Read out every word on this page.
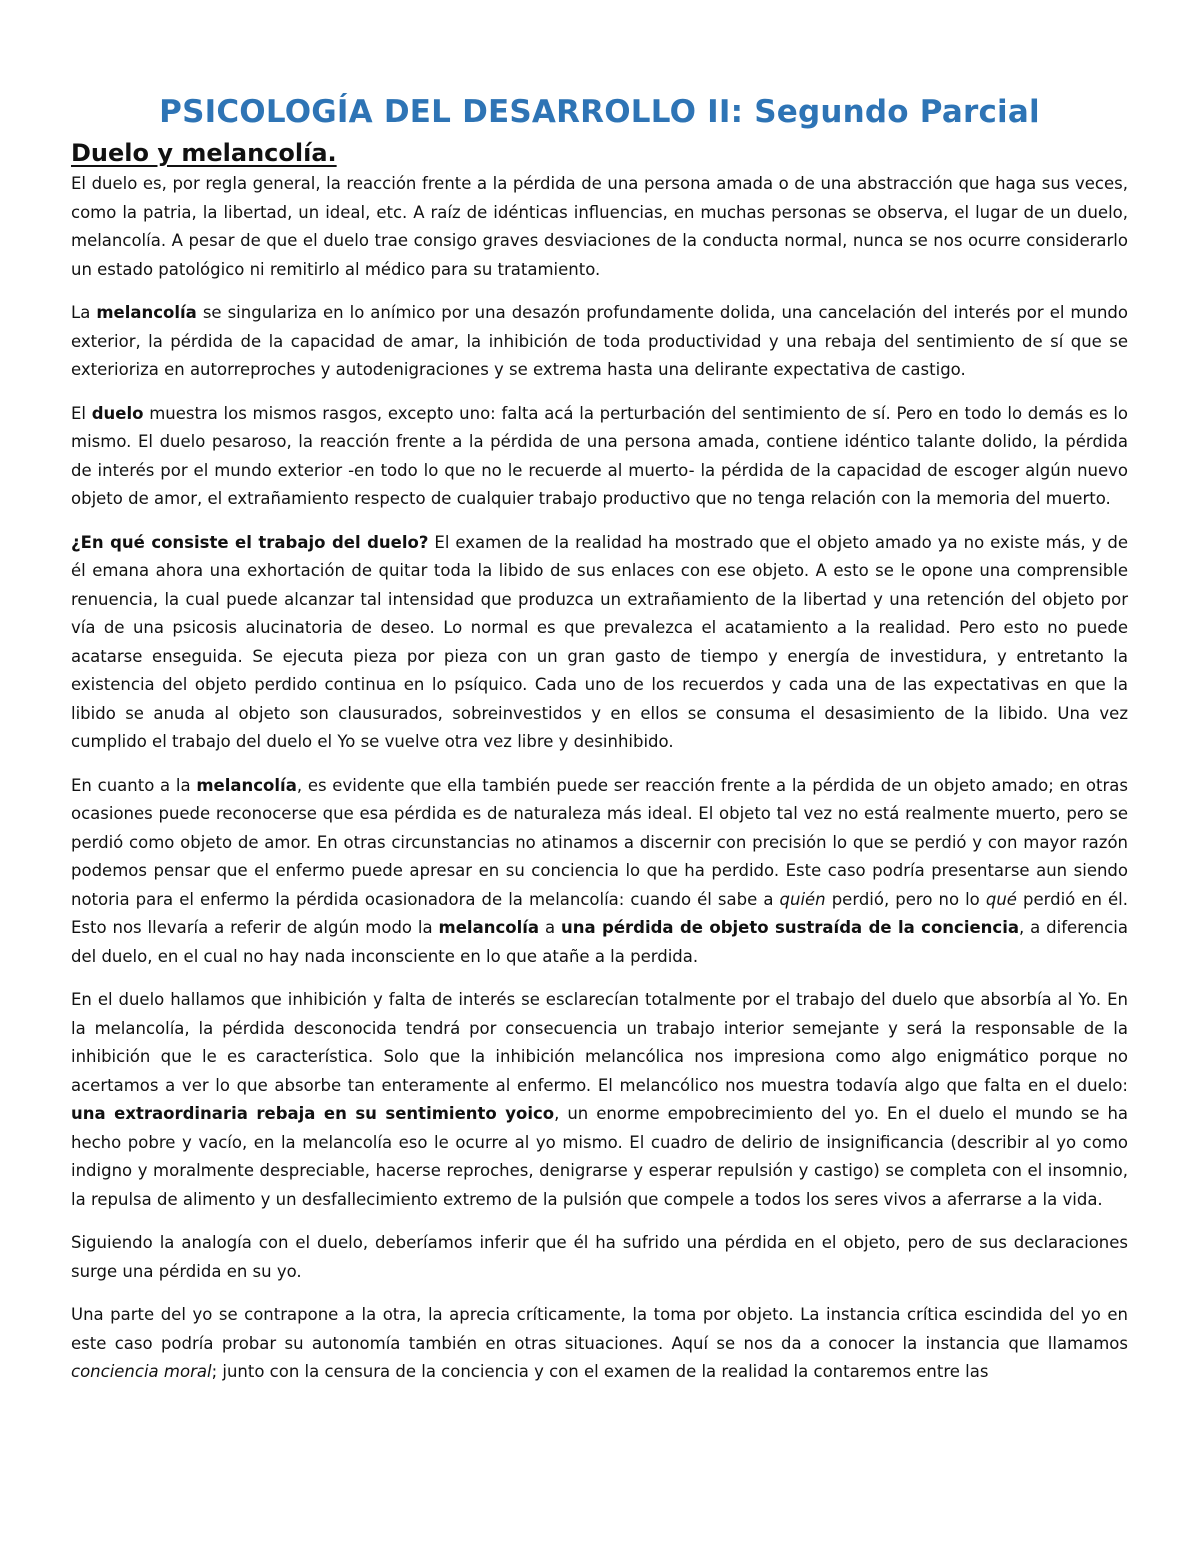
PSICOLOGÍA DEL DESARROLLO II: Segundo Parcial
Duelo y melancolía.

El duelo es, por regla general, la reacción frente a la pérdida de una persona amada o de una abstracción que haga sus veces, como la patria, la libertad, un ideal, etc. A raíz de idénticas influencias, en muchas personas se observa, el lugar de un duelo, melancolía. A pesar de que el duelo trae consigo graves desviaciones de la conducta normal, nunca se nos ocurre considerarlo un estado patológico ni remitirlo al médico para su tratamiento.

La melancolía se singulariza en lo anímico por una desazón profundamente dolida, una cancelación del interés por el mundo exterior, la pérdida de la capacidad de amar, la inhibición de toda productividad y una rebaja del sentimiento de sí que se exterioriza en autorreproches y autodenigraciones y se extrema hasta una delirante expectativa de castigo.

El duelo muestra los mismos rasgos, excepto uno: falta acá la perturbación del sentimiento de sí. Pero en todo lo demás es lo mismo. El duelo pesaroso, la reacción frente a la pérdida de una persona amada, contiene idéntico talante dolido, la pérdida de interés por el mundo exterior -en todo lo que no le recuerde al muerto- la pérdida de la capacidad de escoger algún nuevo objeto de amor, el extrañamiento respecto de cualquier trabajo productivo que no tenga relación con la memoria del muerto.

¿En qué consiste el trabajo del duelo? El examen de la realidad ha mostrado que el objeto amado ya no existe más, y de él emana ahora una exhortación de quitar toda la libido de sus enlaces con ese objeto. A esto se le opone una comprensible renuencia, la cual puede alcanzar tal intensidad que produzca un extrañamiento de la libertad y una retención del objeto por vía de una psicosis alucinatoria de deseo. Lo normal es que prevalezca el acatamiento a la realidad. Pero esto no puede acatarse enseguida. Se ejecuta pieza por pieza con un gran gasto de tiempo y energía de investidura, y entretanto la existencia del objeto perdido continua en lo psíquico. Cada uno de los recuerdos y cada una de las expectativas en que la libido se anuda al objeto son clausurados, sobreinvestidos y en ellos se consuma el desasimiento de la libido. Una vez cumplido el trabajo del duelo el Yo se vuelve otra vez libre y desinhibido.

En cuanto a la melancolía, es evidente que ella también puede ser reacción frente a la pérdida de un objeto amado; en otras ocasiones puede reconocerse que esa pérdida es de naturaleza más ideal. El objeto tal vez no está realmente muerto, pero se perdió como objeto de amor. En otras circunstancias no atinamos a discernir con precisión lo que se perdió y con mayor razón podemos pensar que el enfermo puede apresar en su conciencia lo que ha perdido. Este caso podría presentarse aun siendo notoria para el enfermo la pérdida ocasionadora de la melancolía: cuando él sabe a quién perdió, pero no lo qué perdió en él. Esto nos llevaría a referir de algún modo la melancolía a una pérdida de objeto sustraída de la conciencia, a diferencia del duelo, en el cual no hay nada inconsciente en lo que atañe a la perdida.

En el duelo hallamos que inhibición y falta de interés se esclarecían totalmente por el trabajo del duelo que absorbía al Yo. En la melancolía, la pérdida desconocida tendrá por consecuencia un trabajo interior semejante y será la responsable de la inhibición que le es característica. Solo que la inhibición melancólica nos impresiona como algo enigmático porque no acertamos a ver lo que absorbe tan enteramente al enfermo. El melancólico nos muestra todavía algo que falta en el duelo: una extraordinaria rebaja en su sentimiento yoico, un enorme empobrecimiento del yo. En el duelo el mundo se ha hecho pobre y vacío, en la melancolía eso le ocurre al yo mismo. El cuadro de delirio de insignificancia (describir al yo como indigno y moralmente despreciable, hacerse reproches, denigrarse y esperar repulsión y castigo) se completa con el insomnio, la repulsa de alimento y un desfallecimiento extremo de la pulsión que compele a todos los seres vivos a aferrarse a la vida.

Siguiendo la analogía con el duelo, deberíamos inferir que él ha sufrido una pérdida en el objeto, pero de sus declaraciones surge una pérdida en su yo.

Una parte del yo se contrapone a la otra, la aprecia críticamente, la toma por objeto. La instancia crítica escindida del yo en este caso podría probar su autonomía también en otras situaciones. Aquí se nos da a conocer la instancia que llamamos conciencia moral; junto con la censura de la conciencia y con el examen de la realidad la contaremos entre las
